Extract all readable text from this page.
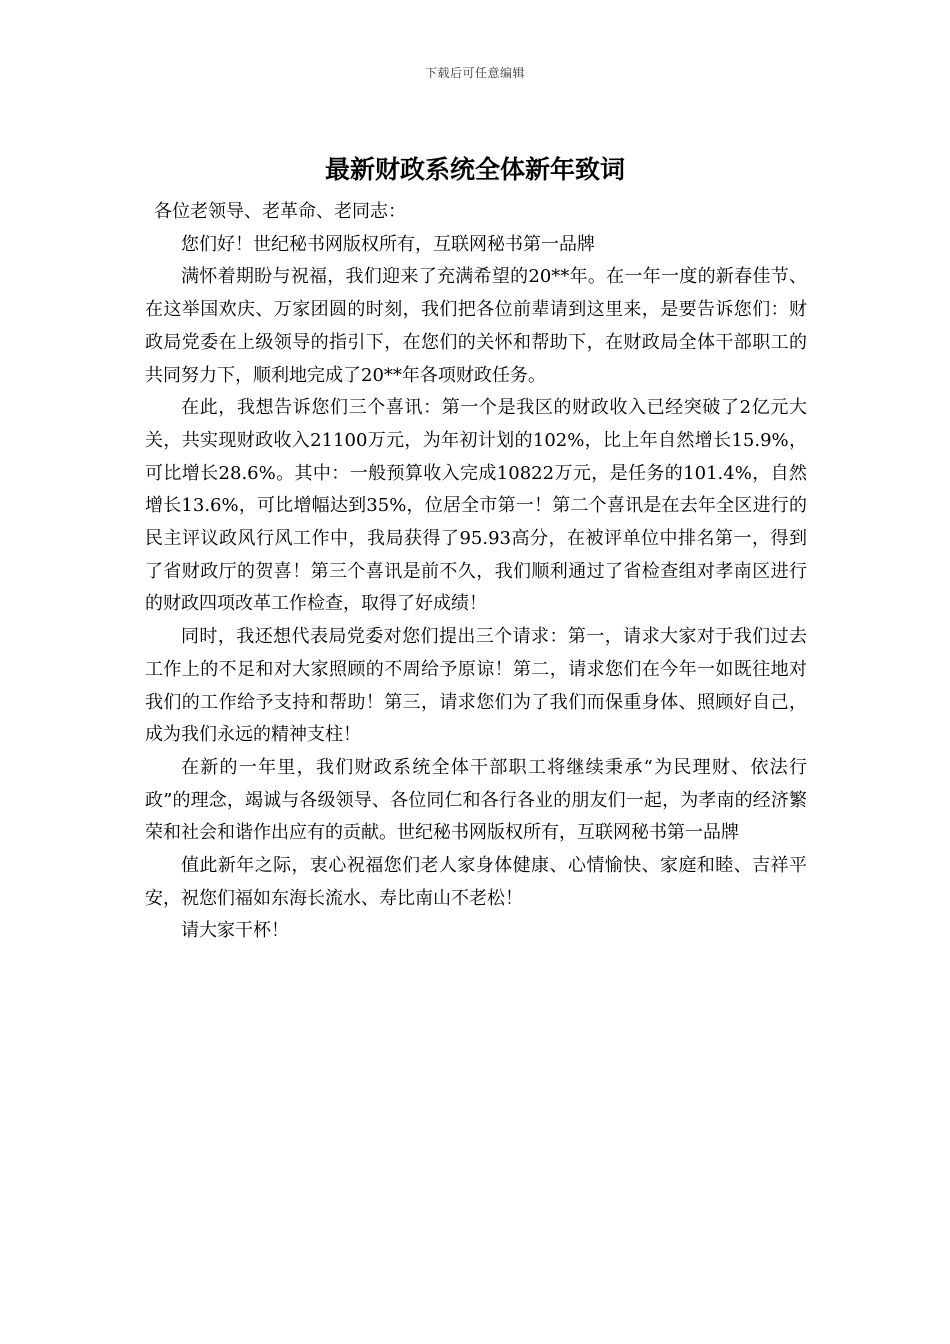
下载后可任意编辑
最新财政系统全体新年致词

各位老领导、老革命、老同志：

您们好！世纪秘书网版权所有，互联网秘书第一品牌

满怀着期盼与祝福，我们迎来了充满希望的20**年。在一年一度的新春佳节、在这举国欢庆、万家团圆的时刻，我们把各位前辈请到这里来，是要告诉您们：财政局党委在上级领导的指引下，在您们的关怀和帮助下，在财政局全体干部职工的共同努力下，顺利地完成了20**年各项财政任务。

在此，我想告诉您们三个喜讯：第一个是我区的财政收入已经突破了2亿元大关，共实现财政收入21100万元，为年初计划的102%，比上年自然增长15.9%，可比增长28.6%。其中：一般预算收入完成10822万元，是任务的101.4%，自然增长13.6%，可比增幅达到35%，位居全市第一！第二个喜讯是在去年全区进行的民主评议政风行风工作中，我局获得了95.93高分，在被评单位中排名第一，得到了省财政厅的贺喜！第三个喜讯是前不久，我们顺利通过了省检查组对孝南区进行的财政四项改革工作检查，取得了好成绩！

同时，我还想代表局党委对您们提出三个请求：第一，请求大家对于我们过去工作上的不足和对大家照顾的不周给予原谅！第二，请求您们在今年一如既往地对我们的工作给予支持和帮助！第三，请求您们为了我们而保重身体、照顾好自己，成为我们永远的精神支柱！

在新的一年里，我们财政系统全体干部职工将继续秉承“为民理财、依法行政”的理念，竭诚与各级领导、各位同仁和各行各业的朋友们一起，为孝南的经济繁荣和社会和谐作出应有的贡献。世纪秘书网版权所有，互联网秘书第一品牌

值此新年之际，衷心祝福您们老人家身体健康、心情愉快、家庭和睦、吉祥平安，祝您们福如东海长流水、寿比南山不老松！

请大家干杯！
